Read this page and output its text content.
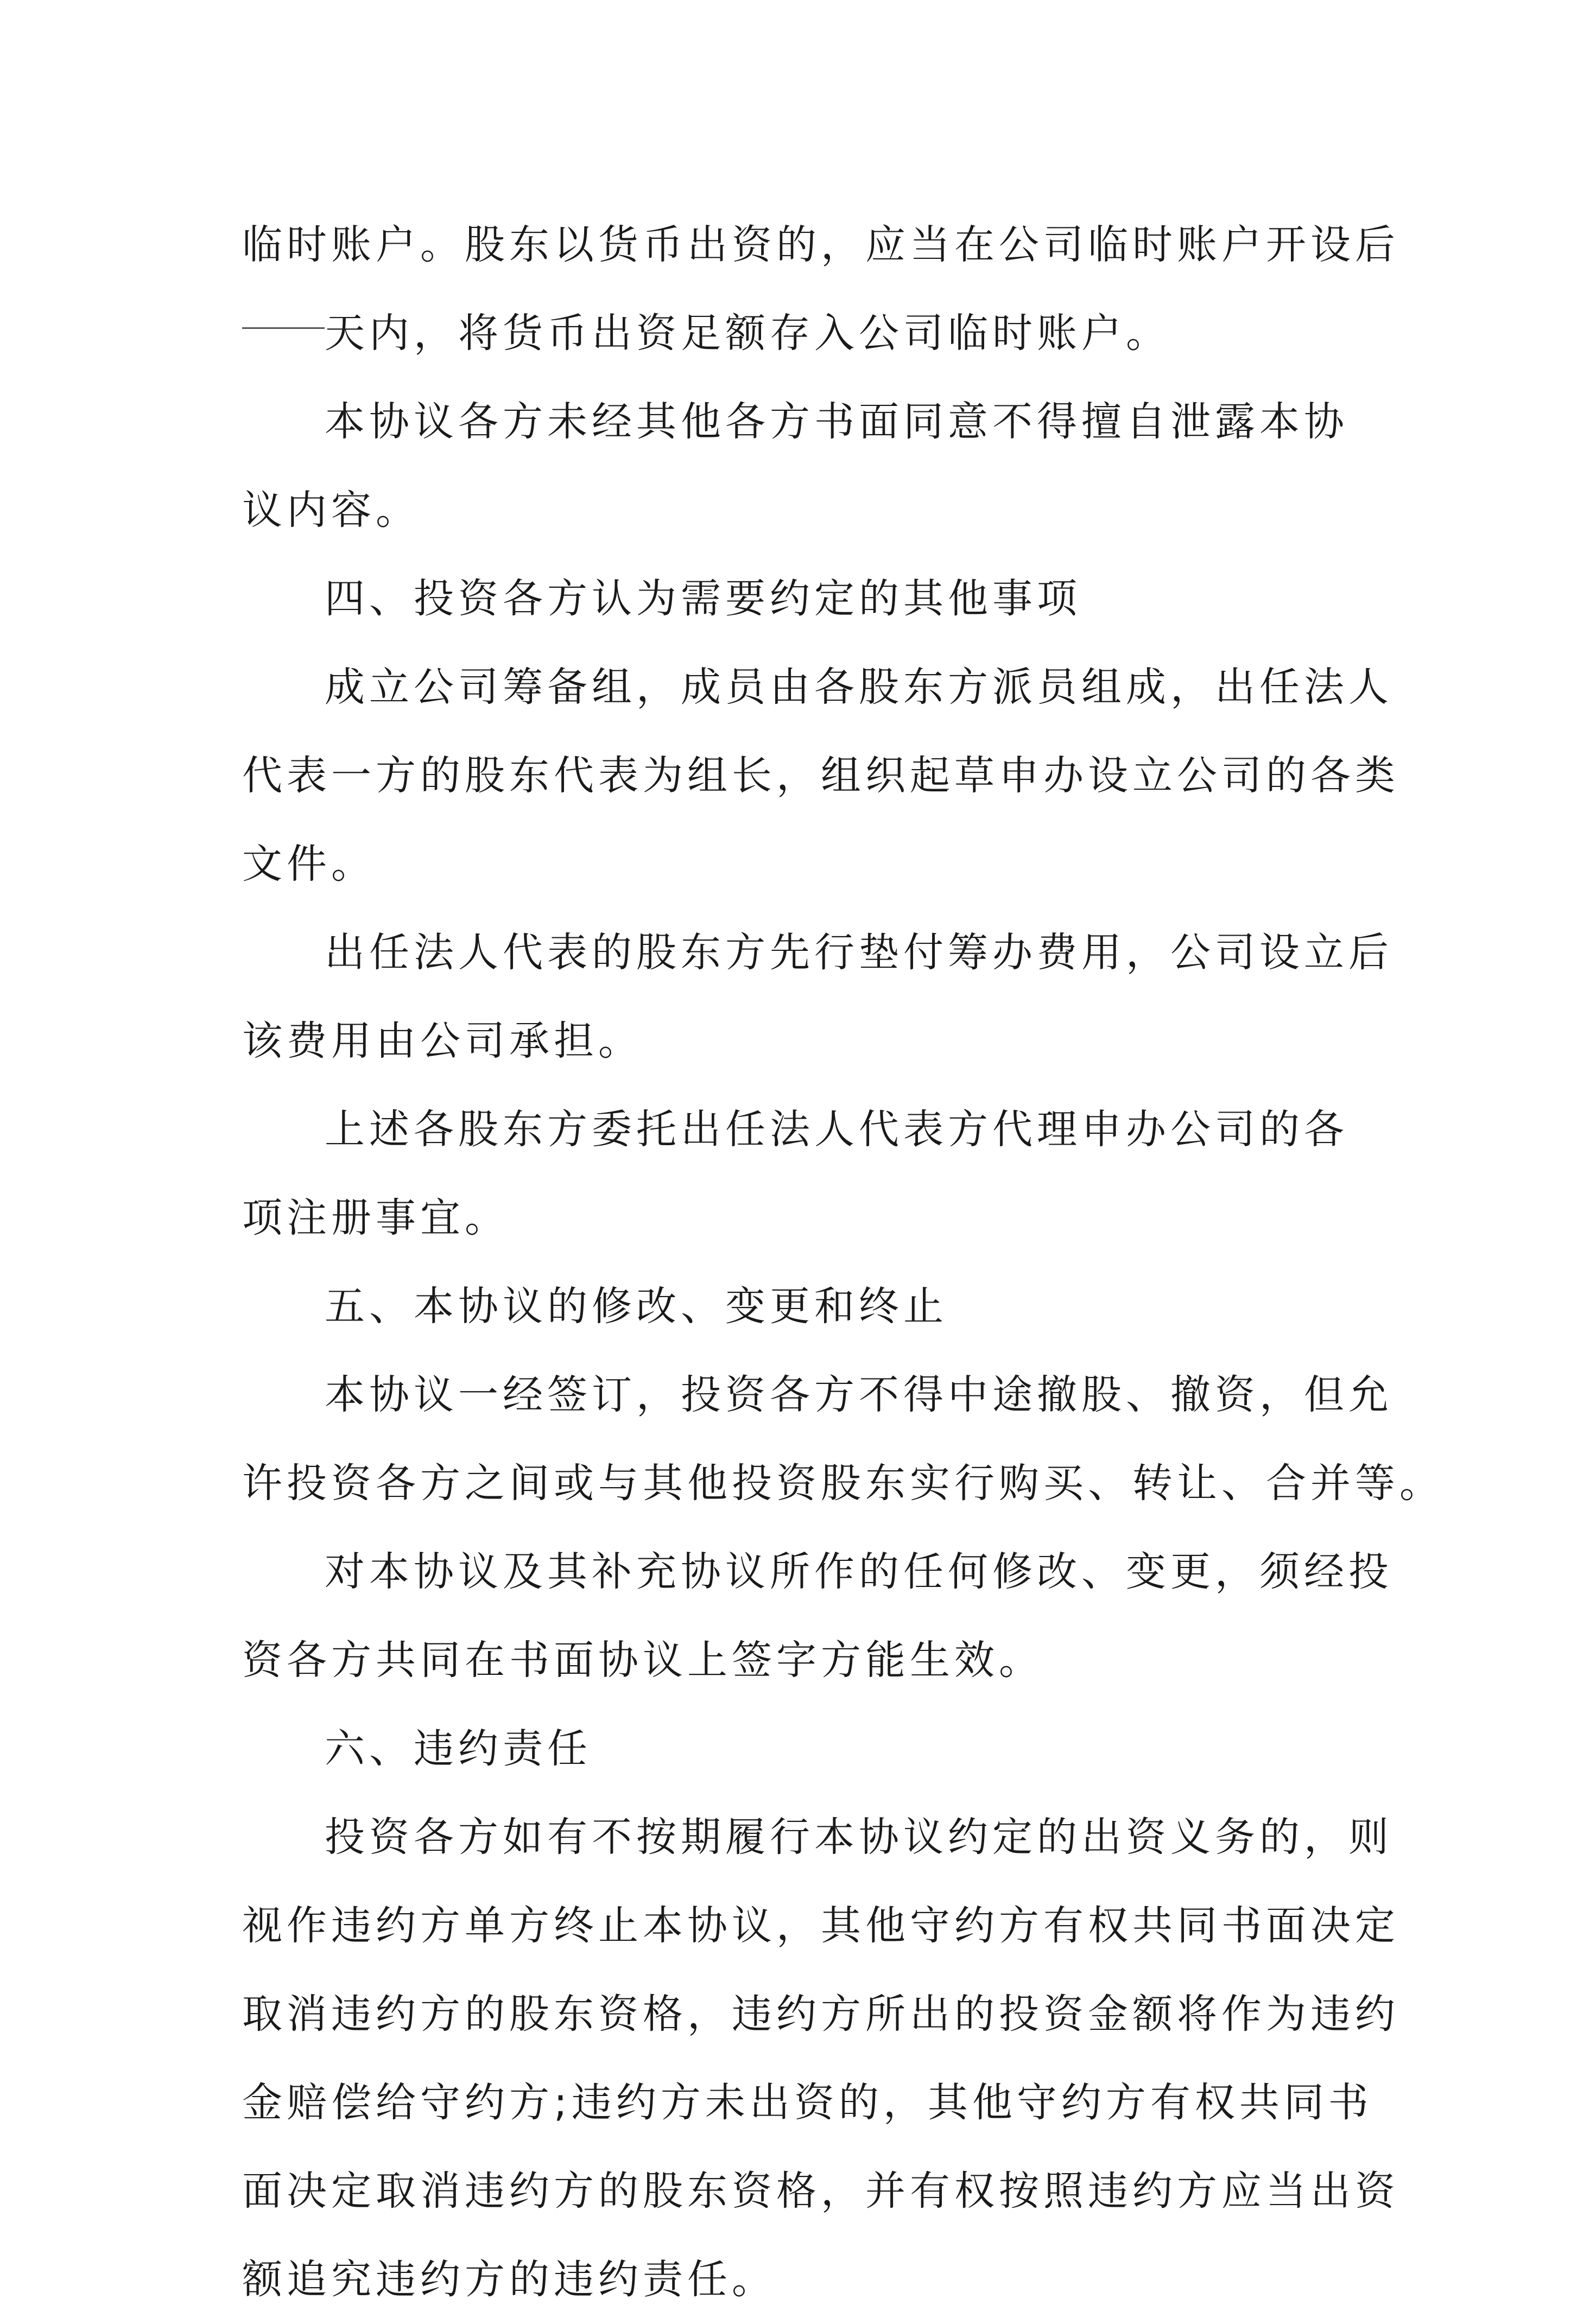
临时账户。股东以货币出资的，应当在公司临时账户开设后
天内，将货币出资足额存入公司临时账户。
本协议各方未经其他各方书面同意不得擅自泄露本协
议内容。
四、投资各方认为需要约定的其他事项
成立公司筹备组，成员由各股东方派员组成，出任法人
代表一方的股东代表为组长，组织起草申办设立公司的各类
文件。
出任法人代表的股东方先行垫付筹办费用，公司设立后
该费用由公司承担。
上述各股东方委托出任法人代表方代理申办公司的各
项注册事宜。
五、本协议的修改、变更和终止
本协议一经签订，投资各方不得中途撤股、撤资，但允
许投资各方之间或与其他投资股东实行购买、转让、合并等。
对本协议及其补充协议所作的任何修改、变更，须经投
资各方共同在书面协议上签字方能生效。
六、违约责任
投资各方如有不按期履行本协议约定的出资义务的，则
视作违约方单方终止本协议，其他守约方有权共同书面决定
取消违约方的股东资格，违约方所出的投资金额将作为违约
金赔偿给守约方;违约方未出资的，其他守约方有权共同书
面决定取消违约方的股东资格，并有权按照违约方应当出资
额追究违约方的违约责任。
